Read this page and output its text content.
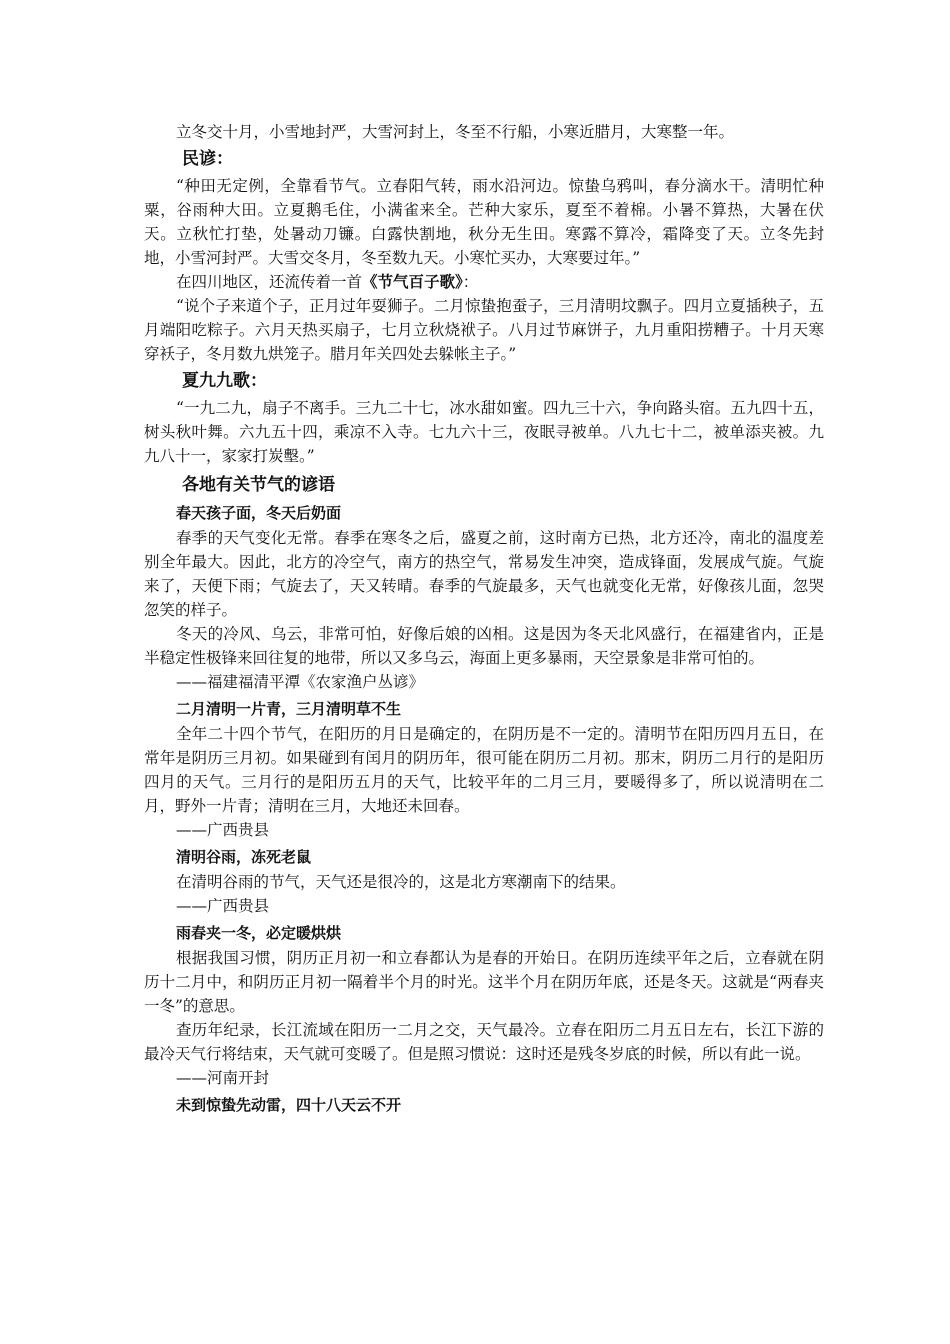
立冬交十月，小雪地封严，大雪河封上，冬至不行船，小寒近腊月，大寒整一年。

民谚：

“种田无定例，全靠看节气。立春阳气转，雨水沿河边。惊蛰乌鸦叫，春分滴水干。清明忙种粟，谷雨种大田。立夏鹅毛住，小满雀来全。芒种大家乐，夏至不着棉。小暑不算热，大暑在伏天。立秋忙打垫，处暑动刀镰。白露快割地，秋分无生田。寒露不算冷，霜降变了天。立冬先封地，小雪河封严。大雪交冬月，冬至数九天。小寒忙买办，大寒要过年。”

在四川地区，还流传着一首《节气百子歌》：

“说个子来道个子，正月过年耍狮子。二月惊蛰抱蚕子，三月清明坟飘子。四月立夏插秧子，五月端阳吃粽子。六月天热买扇子，七月立秋烧袱子。八月过节麻饼子，九月重阳捞糟子。十月天寒穿袄子，冬月数九烘笼子。腊月年关四处去躲帐主子。”

夏九九歌：

“一九二九，扇子不离手。三九二十七，冰水甜如蜜。四九三十六，争向路头宿。五九四十五，树头秋叶舞。六九五十四，乘凉不入寺。七九六十三，夜眠寻被单。八九七十二，被单添夹被。九九八十一，家家打炭墼。”

各地有关节气的谚语
春天孩子面，冬天后奶面

春季的天气变化无常。春季在寒冬之后，盛夏之前，这时南方已热，北方还冷，南北的温度差别全年最大。因此，北方的冷空气，南方的热空气，常易发生冲突，造成锋面，发展成气旋。气旋来了，天便下雨；气旋去了，天又转晴。春季的气旋最多，天气也就变化无常，好像孩儿面，忽哭忽笑的样子。

冬天的冷风、乌云，非常可怕，好像后娘的凶相。这是因为冬天北风盛行，在福建省内，正是半稳定性极锋来回往复的地带，所以又多乌云，海面上更多暴雨，天空景象是非常可怕的。

——福建福清平潭《农家渔户丛谚》

二月清明一片青，三月清明草不生

全年二十四个节气，在阳历的月日是确定的，在阴历是不一定的。清明节在阳历四月五日，在常年是阴历三月初。如果碰到有闰月的阴历年，很可能在阴历二月初。那末，阴历二月行的是阳历四月的天气。三月行的是阳历五月的天气，比较平年的二月三月，要暖得多了，所以说清明在二月，野外一片青；清明在三月，大地还未回春。

——广西贵县

清明谷雨，冻死老鼠

在清明谷雨的节气，天气还是很冷的，这是北方寒潮南下的结果。

——广西贵县

雨春夹一冬，必定暖烘烘

根据我国习惯，阴历正月初一和立春都认为是春的开始日。在阴历连续平年之后，立春就在阴历十二月中，和阴历正月初一隔着半个月的时光。这半个月在阴历年底，还是冬天。这就是“两春夹一冬”的意思。

查历年纪录，长江流域在阳历一二月之交，天气最冷。立春在阳历二月五日左右，长江下游的最冷天气行将结束，天气就可变暖了。但是照习惯说：这时还是残冬岁底的时候，所以有此一说。

——河南开封

未到惊蛰先动雷，四十八天云不开
